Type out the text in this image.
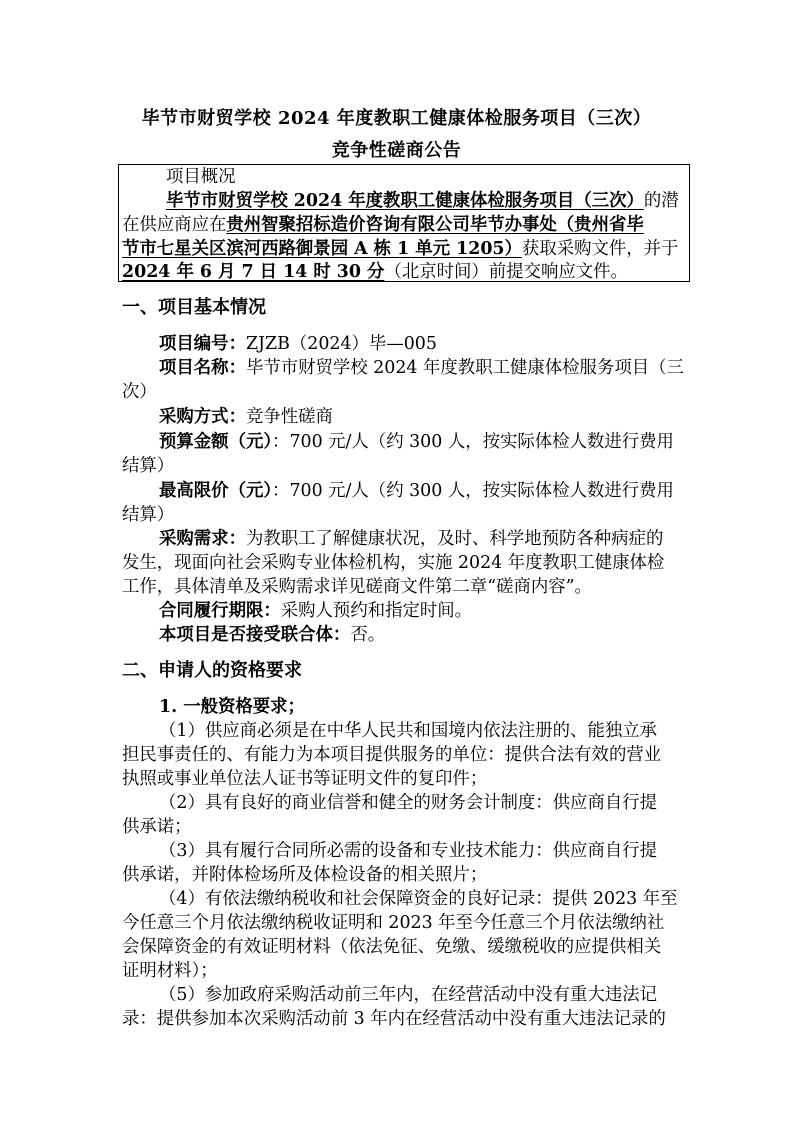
毕节市财贸学校 2024 年度教职工健康体检服务项目（三次）
竞争性磋商公告
项目概况
毕节市财贸学校 2024 年度教职工健康体检服务项目（三次）的潜
在供应商应在贵州智聚招标造价咨询有限公司毕节办事处（贵州省毕
节市七星关区滨河西路御景园 A 栋 1 单元 1205）获取采购文件，并于
2024 年 6 月 7 日 14 时 30 分（北京时间）前提交响应文件。
一、项目基本情况
项目编号：ZJZB（2024）毕—005
项目名称：毕节市财贸学校 2024 年度教职工健康体检服务项目（三
次）
采购方式：竞争性磋商
预算金额（元）：700 元/人（约 300 人，按实际体检人数进行费用
结算）
最高限价（元）：700 元/人（约 300 人，按实际体检人数进行费用
结算）
采购需求：为教职工了解健康状况，及时、科学地预防各种病症的
发生，现面向社会采购专业体检机构，实施 2024 年度教职工健康体检
工作，具体清单及采购需求详见磋商文件第二章“磋商内容”。
合同履行期限：采购人预约和指定时间。
本项目是否接受联合体：否。
二、申请人的资格要求
1. 一般资格要求；
（1）供应商必须是在中华人民共和国境内依法注册的、能独立承
担民事责任的、有能力为本项目提供服务的单位：提供合法有效的营业
执照或事业单位法人证书等证明文件的复印件；
（2）具有良好的商业信誉和健全的财务会计制度：供应商自行提
供承诺；
（3）具有履行合同所必需的设备和专业技术能力：供应商自行提
供承诺，并附体检场所及体检设备的相关照片；
（4）有依法缴纳税收和社会保障资金的良好记录：提供 2023 年至
今任意三个月依法缴纳税收证明和 2023 年至今任意三个月依法缴纳社
会保障资金的有效证明材料（依法免征、免缴、缓缴税收的应提供相关
证明材料）；
（5）参加政府采购活动前三年内，在经营活动中没有重大违法记
录：提供参加本次采购活动前 3 年内在经营活动中没有重大违法记录的
